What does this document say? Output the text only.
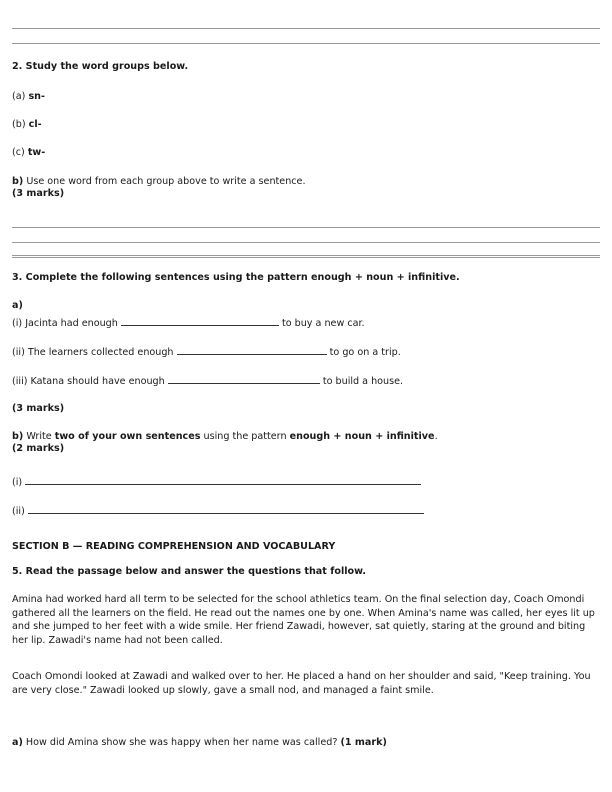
2. Study the word groups below.
(a) sn-
(b) cl-
(c) tw-
b) Use one word from each group above to write a sentence.
(3 marks)
3. Complete the following sentences using the pattern enough + noun + infinitive.
a)
(i) Jacinta had enough	to buy a new car.
(ii) The learners collected enough	to go on a trip.
(iii) Katana should have enough	to build a house.
(3 marks)
b) Write two of your own sentences using the pattern enough + noun + infinitive.
(2 marks)
(i)
(ii)
SECTION B — READING COMPREHENSION AND VOCABULARY
5. Read the passage below and answer the questions that follow.
Amina had worked hard all term to be selected for the school athletics team. On the final selection day, Coach Omondi gathered all the learners on the field. He read out the names one by one. When Amina's name was called, her eyes lit up and she jumped to her feet with a wide smile. Her friend Zawadi, however, sat quietly, staring at the ground and biting her lip. Zawadi's name had not been called.
Coach Omondi looked at Zawadi and walked over to her. He placed a hand on her shoulder and said, "Keep training. You are very close." Zawadi looked up slowly, gave a small nod, and managed a faint smile.
a) How did Amina show she was happy when her name was called? (1 mark)
